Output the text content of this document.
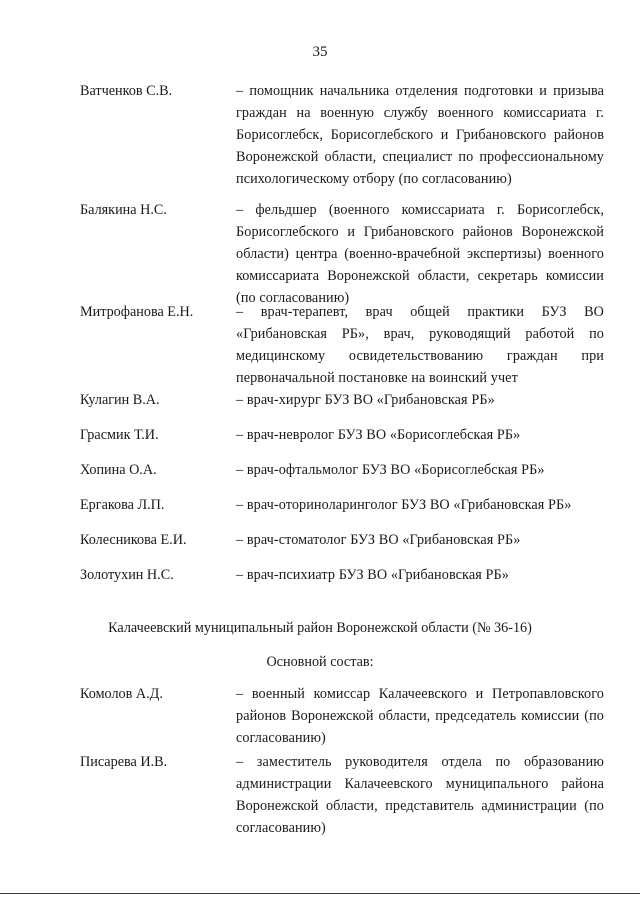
35
Ватченков С.В.	– помощник начальника отделения подготовки и призыва граждан на военную службу военного комиссариата г. Борисоглебск, Борисоглебского и Грибановского районов Воронежской области, специалист по профессиональному психологическому отбору (по согласованию)
Балякина Н.С.	– фельдшер (военного комиссариата г. Борисоглебск, Борисоглебского и Грибановского районов Воронежской области) центра (военно-врачебной экспертизы) военного комиссариата Воронежской области, секретарь комиссии (по согласованию)
Митрофанова Е.Н.	– врач-терапевт, врач общей практики БУЗ ВО «Грибановская РБ», врач, руководящий работой по медицинскому освидетельствованию граждан при первоначальной постановке на воинский учет
Кулагин В.А.	– врач-хирург БУЗ ВО «Грибановская РБ»
Грасмик Т.И.	– врач-невролог БУЗ ВО «Борисоглебская РБ»
Хопина О.А.	– врач-офтальмолог БУЗ ВО «Борисоглебская РБ»
Ергакова Л.П.	– врач-оториноларинголог БУЗ ВО «Грибановская РБ»
Колесникова Е.И.	– врач-стоматолог БУЗ ВО «Грибановская РБ»
Золотухин Н.С.	– врач-психиатр БУЗ ВО «Грибановская РБ»
Калачеевский муниципальный район Воронежской области (№ 36-16)
Основной состав:
Комолов А.Д.	– военный комиссар Калачеевского и Петропавловского районов Воронежской области, председатель комиссии (по согласованию)
Писарева И.В.	– заместитель руководителя отдела по образованию администрации Калачеевского муниципального района Воронежской области, представитель администрации (по согласованию)
